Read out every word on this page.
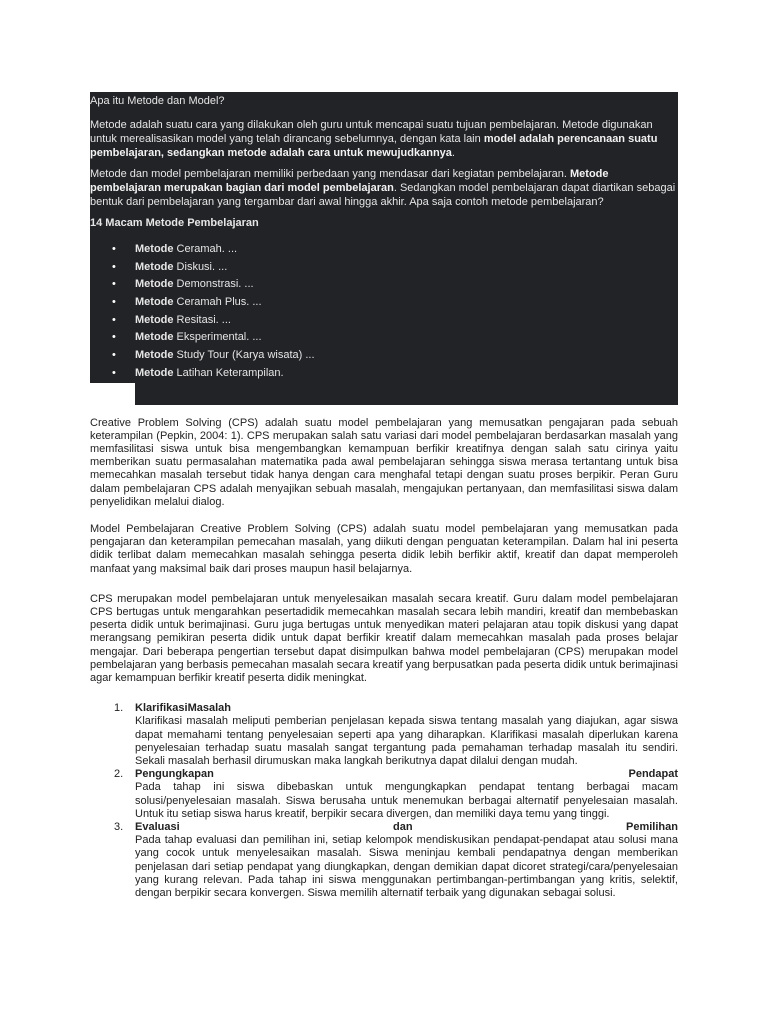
Apa itu Metode dan Model?

Metode adalah suatu cara yang dilakukan oleh guru untuk mencapai suatu tujuan pembelajaran. Metode digunakan untuk merealisasikan model yang telah dirancang sebelumnya, dengan kata lain model adalah perencanaan suatu pembelajaran, sedangkan metode adalah cara untuk mewujudkannya.

Metode dan model pembelajaran memiliki perbedaan yang mendasar dari kegiatan pembelajaran. Metode pembelajaran merupakan bagian dari model pembelajaran. Sedangkan model pembelajaran dapat diartikan sebagai bentuk dari pembelajaran yang tergambar dari awal hingga akhir. Apa saja contoh metode pembelajaran?

14 Macam Metode Pembelajaran
• Metode Ceramah. ...
• Metode Diskusi. ...
• Metode Demonstrasi. ...
• Metode Ceramah Plus. ...
• Metode Resitasi. ...
• Metode Eksperimental. ...
• Metode Study Tour (Karya wisata) ...
• Metode Latihan Keterampilan.

Creative Problem Solving (CPS) adalah suatu model pembelajaran yang memusatkan pengajaran pada sebuah keterampilan (Pepkin, 2004: 1). CPS merupakan salah satu variasi dari model pembelajaran berdasarkan masalah yang memfasilitasi siswa untuk bisa mengembangkan kemampuan berfikir kreatifnya dengan salah satu cirinya yaitu memberikan suatu permasalahan matematika pada awal pembelajaran sehingga siswa merasa tertantang untuk bisa memecahkan masalah tersebut tidak hanya dengan cara menghafal tetapi dengan suatu proses berpikir. Peran Guru dalam pembelajaran CPS adalah menyajikan sebuah masalah, mengajukan pertanyaan, dan memfasilitasi siswa dalam penyelidikan melalui dialog.

Model Pembelajaran Creative Problem Solving (CPS) adalah suatu model pembelajaran yang memusatkan pada pengajaran dan keterampilan pemecahan masalah, yang diikuti dengan penguatan keterampilan. Dalam hal ini peserta didik terlibat dalam memecahkan masalah sehingga peserta didik lebih berfikir aktif, kreatif dan dapat memperoleh manfaat yang maksimal baik dari proses maupun hasil belajarnya.

CPS merupakan model pembelajaran untuk menyelesaikan masalah secara kreatif. Guru dalam model pembelajaran CPS bertugas untuk mengarahkan pesertadidik memecahkan masalah secara lebih mandiri, kreatif dan membebaskan peserta didik untuk berimajinasi. Guru juga bertugas untuk menyedikan materi pelajaran atau topik diskusi yang dapat merangsang pemikiran peserta didik untuk dapat berfikir kreatif dalam memecahkan masalah pada proses belajar mengajar. Dari beberapa pengertian tersebut dapat disimpulkan bahwa model pembelajaran (CPS) merupakan model pembelajaran yang berbasis pemecahan masalah secara kreatif yang berpusatkan pada peserta didik untuk berimajinasi agar kemampuan berfikir kreatif peserta didik meningkat.

1. KlarifikasiMasalah
Klarifikasi masalah meliputi pemberian penjelasan kepada siswa tentang masalah yang diajukan, agar siswa dapat memahami tentang penyelesaian seperti apa yang diharapkan. Klarifikasi masalah diperlukan karena penyelesaian terhadap suatu masalah sangat tergantung pada pemahaman terhadap masalah itu sendiri. Sekali masalah berhasil dirumuskan maka langkah berikutnya dapat dilalui dengan mudah.
2. Pengungkapan	Pendapat
Pada tahap ini siswa dibebaskan untuk mengungkapkan pendapat tentang berbagai macam solusi/penyelesaian masalah. Siswa berusaha untuk menemukan berbagai alternatif penyelesaian masalah. Untuk itu setiap siswa harus kreatif, berpikir secara divergen, dan memiliki daya temu yang tinggi.
3. Evaluasi	dan	Pemilihan
Pada tahap evaluasi dan pemilihan ini, setiap kelompok mendiskusikan pendapat-pendapat atau solusi mana yang cocok untuk menyelesaikan masalah. Siswa meninjau kembali pendapatnya dengan memberikan penjelasan dari setiap pendapat yang diungkapkan, dengan demikian dapat dicoret strategi/cara/penyelesaian yang kurang relevan. Pada tahap ini siswa menggunakan pertimbangan-pertimbangan yang kritis, selektif, dengan berpikir secara konvergen. Siswa memilih alternatif terbaik yang digunakan sebagai solusi.
